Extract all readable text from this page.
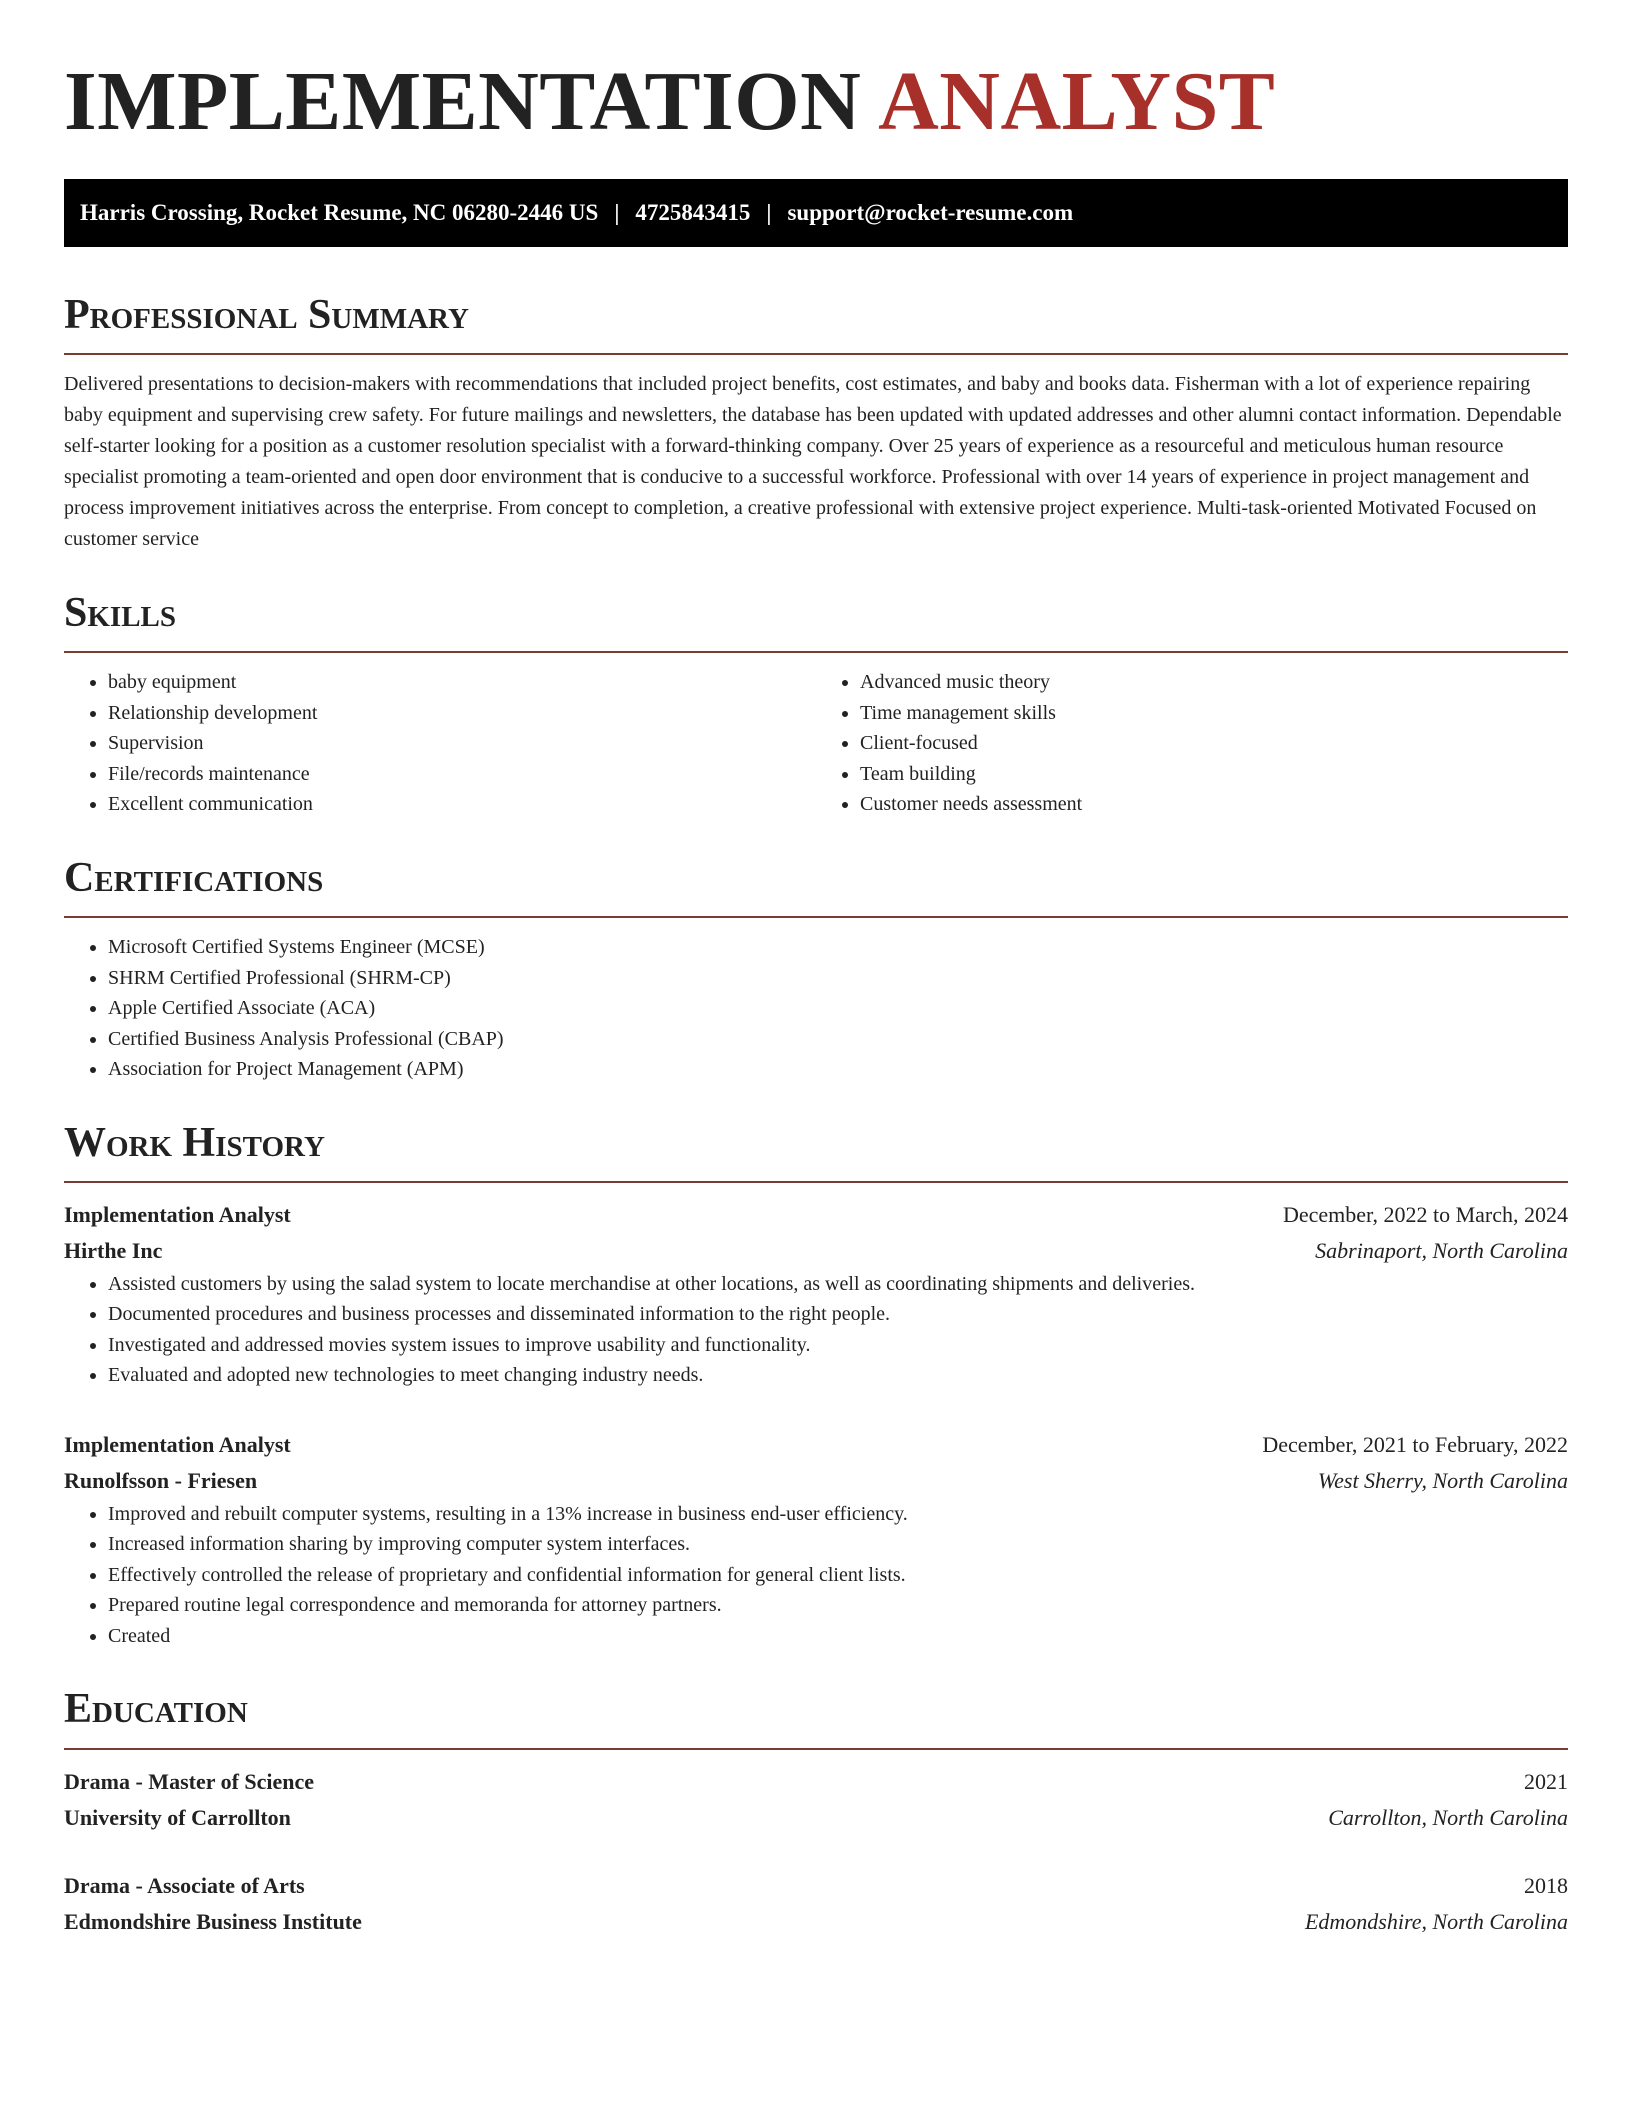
IMPLEMENTATION ANALYST
Harris Crossing, Rocket Resume, NC 06280-2446 US | 4725843415 | support@rocket-resume.com
Professional Summary

Delivered presentations to decision-makers with recommendations that included project benefits, cost estimates, and baby and books data. Fisherman with a lot of experience repairing baby equipment and supervising crew safety. For future mailings and newsletters, the database has been updated with updated addresses and other alumni contact information. Dependable self-starter looking for a position as a customer resolution specialist with a forward-thinking company. Over 25 years of experience as a resourceful and meticulous human resource specialist promoting a team-oriented and open door environment that is conducive to a successful workforce. Professional with over 14 years of experience in project management and process improvement initiatives across the enterprise. From concept to completion, a creative professional with extensive project experience. Multi-task-oriented Motivated Focused on customer service

Skills
• baby equipment
• Relationship development
• Supervision
• File/records maintenance
• Excellent communication
• Advanced music theory
• Time management skills
• Client-focused
• Team building
• Customer needs assessment
Certifications
• Microsoft Certified Systems Engineer (MCSE)
• SHRM Certified Professional (SHRM-CP)
• Apple Certified Associate (ACA)
• Certified Business Analysis Professional (CBAP)
• Association for Project Management (APM)
Work History
Implementation Analyst	December, 2022 to March, 2024
Hirthe Inc	Sabrinaport, North Carolina
• Assisted customers by using the salad system to locate merchandise at other locations, as well as coordinating shipments and deliveries.
• Documented procedures and business processes and disseminated information to the right people.
• Investigated and addressed movies system issues to improve usability and functionality.
• Evaluated and adopted new technologies to meet changing industry needs.
Implementation Analyst	December, 2021 to February, 2022
Runolfsson - Friesen	West Sherry, North Carolina
• Improved and rebuilt computer systems, resulting in a 13% increase in business end-user efficiency.
• Increased information sharing by improving computer system interfaces.
• Effectively controlled the release of proprietary and confidential information for general client lists.
• Prepared routine legal correspondence and memoranda for attorney partners.
• Created
Education
Drama - Master of Science	2021
University of Carrollton	Carrollton, North Carolina
Drama - Associate of Arts	2018
Edmondshire Business Institute	Edmondshire, North Carolina
